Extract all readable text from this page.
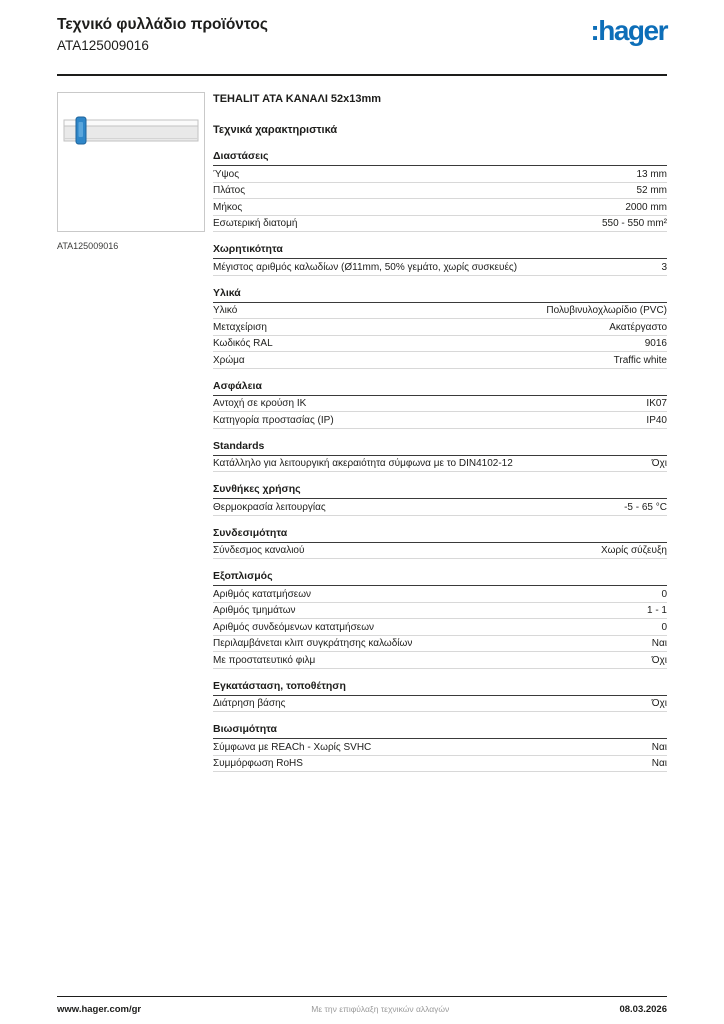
Τεχνικό φυλλάδιο προϊόντος
ATA125009016	:hager
ATA125009016
TEHALIT ATA ΚΑΝΑΛΙ 52x13mm
Τεχνικά χαρακτηριστικά
Διαστάσεις
Ύψος	13 mm
Πλάτος	52 mm
Μήκος	2000 mm
Εσωτερική διατομή	550 - 550 mm²
Χωρητικότητα
Μέγιστος αριθμός καλωδίων (Ø11mm, 50% γεμάτο, χωρίς συσκευές)	3
Υλικά
Υλικό	Πολυβινυλοχλωρίδιο (PVC)
Μεταχείριση	Ακατέργαστο
Κωδικός RAL	9016
Χρώμα	Traffic white
Ασφάλεια
Αντοχή σε κρούση ΙΚ	IK07
Κατηγορία προστασίας (IP)	IP40
Standards
Κατάλληλο για λειτουργική ακεραιότητα σύμφωνα με το DIN4102-12	Όχι
Συνθήκες χρήσης
Θερμοκρασία λειτουργίας	-5 - 65 °C
Συνδεσιμότητα
Σύνδεσμος καναλιού	Χωρίς σύζευξη
Εξοπλισμός
Αριθμός κατατμήσεων	0
Αριθμός τμημάτων	1 - 1
Αριθμός συνδεόμενων κατατμήσεων	0
Περιλαμβάνεται κλιπ συγκράτησης καλωδίων	Ναι
Με προστατευτικό φιλμ	Όχι
Εγκατάσταση, τοποθέτηση
Διάτρηση βάσης	Όχι
Βιωσιμότητα
Σύμφωνα με REACh - Χωρίς SVHC	Ναι
Συμμόρφωση RoHS	Ναι
www.hager.com/gr	Με την επιφύλαξη τεχνικών αλλαγών	08.03.2026
